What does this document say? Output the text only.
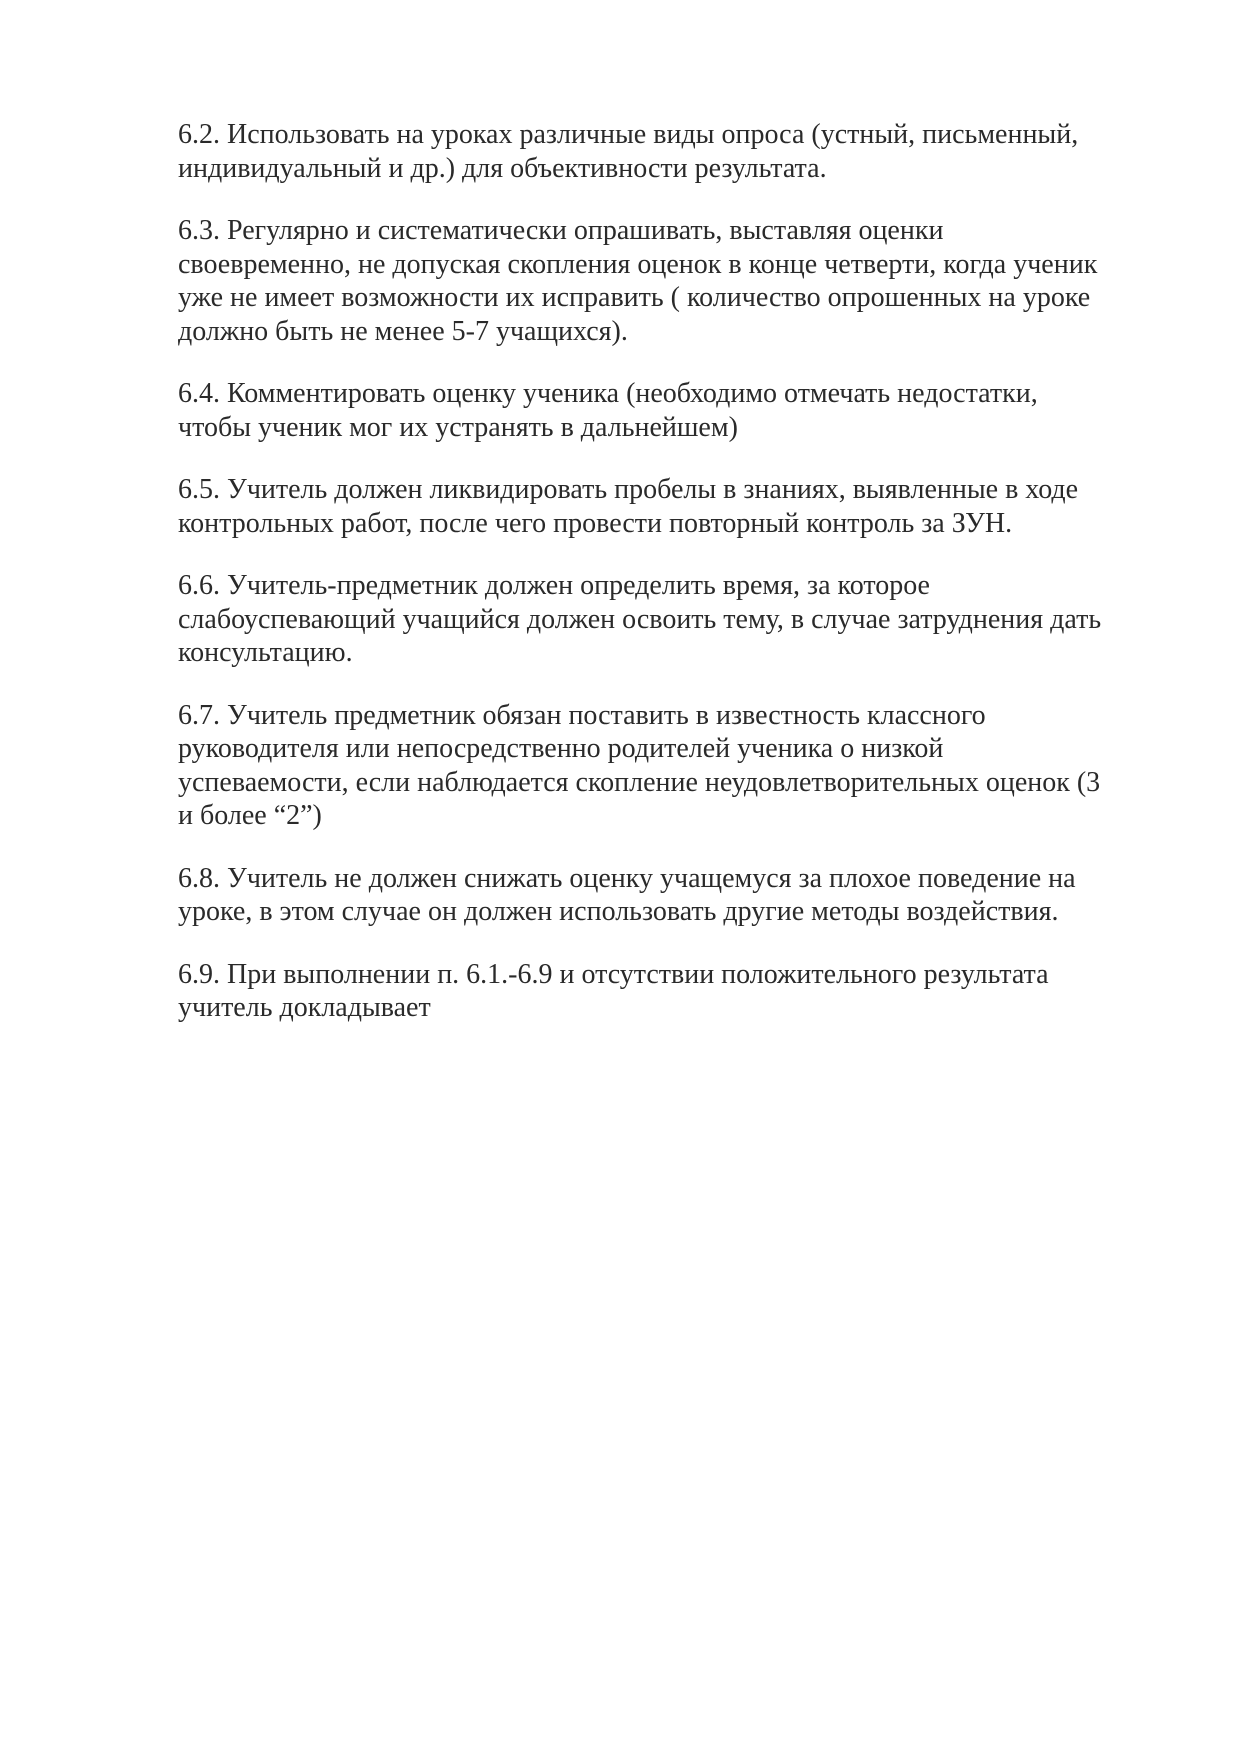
6.2. Использовать на уроках различные виды опроса (устный, письменный,
индивидуальный и др.) для объективности результата.

6.3. Регулярно и систематически опрашивать, выставляя оценки
своевременно, не допуская скопления оценок в конце четверти, когда ученик
уже не имеет возможности их исправить ( количество опрошенных на уроке
должно быть не менее 5-7 учащихся).

6.4. Комментировать оценку ученика (необходимо отмечать недостатки,
чтобы ученик мог их устранять в дальнейшем)

6.5. Учитель должен ликвидировать пробелы в знаниях, выявленные в ходе
контрольных работ, после чего провести повторный контроль за ЗУН.

6.6. Учитель-предметник должен определить время, за которое
слабоуспевающий учащийся должен освоить тему, в случае затруднения дать
консультацию.

6.7. Учитель предметник обязан поставить в известность классного
руководителя или непосредственно родителей ученика о низкой
успеваемости, если наблюдается скопление неудовлетворительных оценок (3
и более “2”)

6.8. Учитель не должен снижать оценку учащемуся за плохое поведение на
уроке, в этом случае он должен использовать другие методы воздействия.

6.9. При выполнении п. 6.1.-6.9 и отсутствии положительного результата
учитель докладывает
